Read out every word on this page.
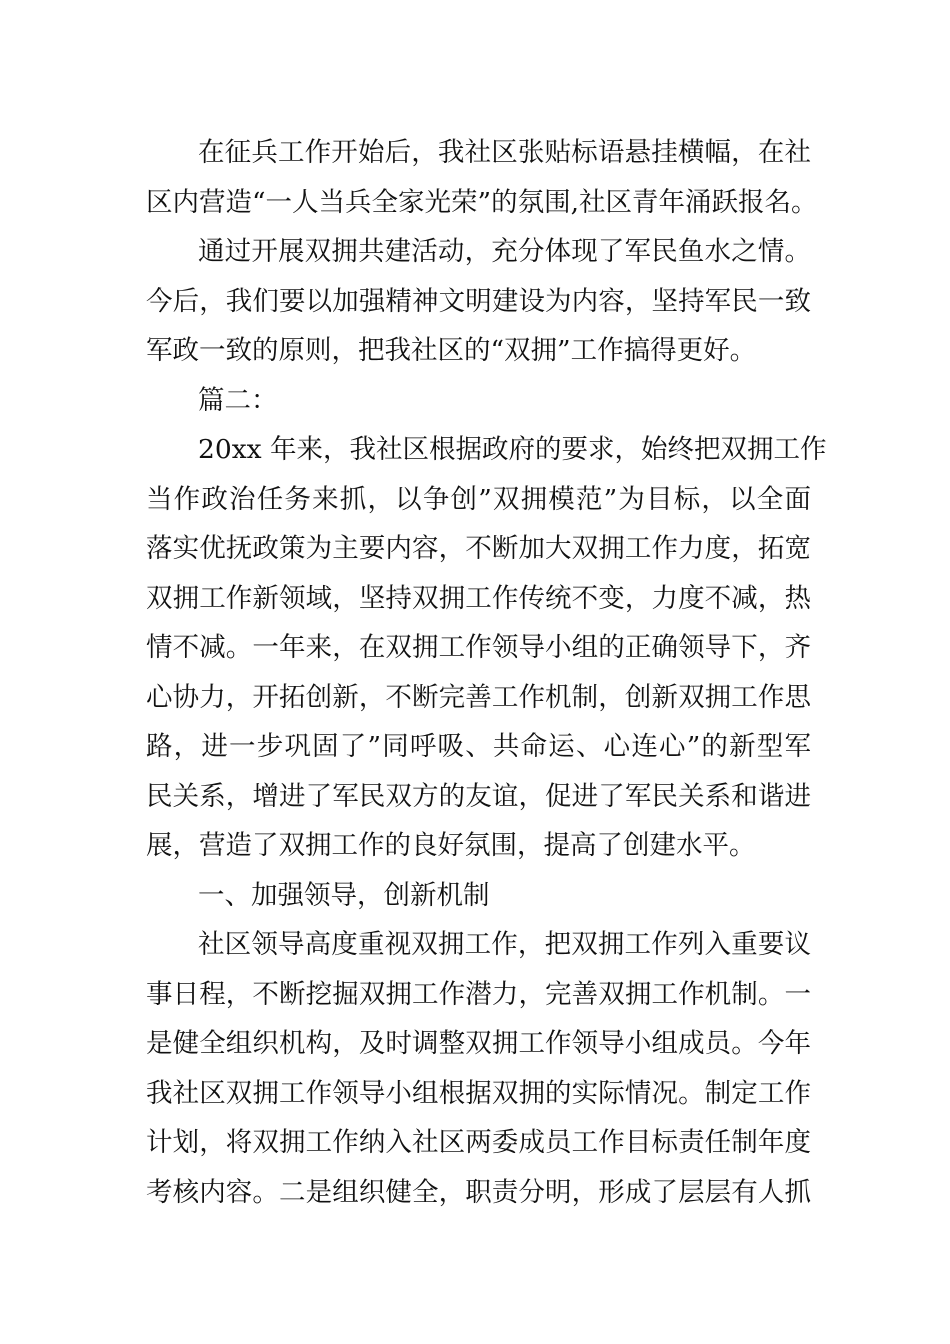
在征兵工作开始后，我社区张贴标语悬挂横幅，在社
区内营造“一人当兵全家光荣”的氛围,社区青年涌跃报名。
通过开展双拥共建活动，充分体现了军民鱼水之情。
今后，我们要以加强精神文明建设为内容，坚持军民一致
军政一致的原则，把我社区的“双拥”工作搞得更好。
篇二：
20xx 年来，我社区根据政府的要求，始终把双拥工作
当作政治任务来抓，以争创”双拥模范”为目标，以全面
落实优抚政策为主要内容，不断加大双拥工作力度，拓宽
双拥工作新领域，坚持双拥工作传统不变，力度不减，热
情不减。一年来，在双拥工作领导小组的正确领导下，齐
心协力，开拓创新，不断完善工作机制，创新双拥工作思
路，进一步巩固了”同呼吸、共命运、心连心”的新型军
民关系，增进了军民双方的友谊，促进了军民关系和谐进
展，营造了双拥工作的良好氛围，提高了创建水平。
一、加强领导，创新机制
社区领导高度重视双拥工作，把双拥工作列入重要议
事日程，不断挖掘双拥工作潜力，完善双拥工作机制。一
是健全组织机构，及时调整双拥工作领导小组成员。今年
我社区双拥工作领导小组根据双拥的实际情况。制定工作
计划，将双拥工作纳入社区两委成员工作目标责任制年度
考核内容。二是组织健全，职责分明，形成了层层有人抓
